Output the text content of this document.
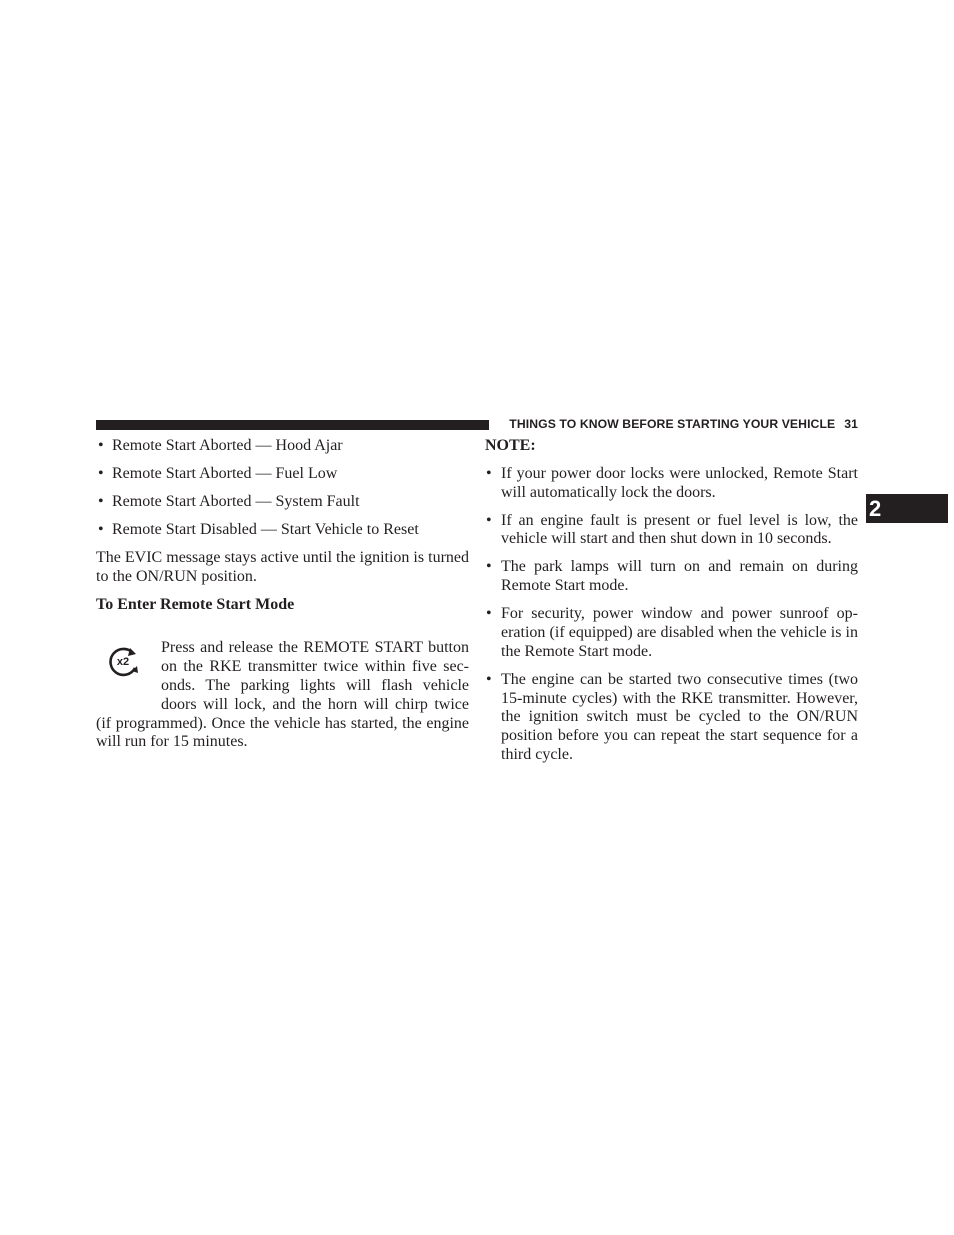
THINGS TO KNOW BEFORE STARTING YOUR VEHICLE 31
2
• Remote Start Aborted — Hood Ajar
• Remote Start Aborted — Fuel Low
• Remote Start Aborted — System Fault
• Remote Start Disabled — Start Vehicle to Reset

The EVIC message stays active until the ignition is turned to the ON/RUN position.

To Enter Remote Start Mode

x2
Press and release the REMOTE START button
on the RKE transmitter twice within five sec-
onds. The parking lights will flash vehicle
doors will lock, and the horn will chirp twice
(if programmed). Once the vehicle has started, the engine
will run for 15 minutes.

NOTE:

• If your power door locks were unlocked, Remote Start will automatically lock the doors.
• If an engine fault is present or fuel level is low, the vehicle will start and then shut down in 10 seconds.
• The park lamps will turn on and remain on during Remote Start mode.
• For security, power window and power sunroof op-eration (if equipped) are disabled when the vehicle is in the Remote Start mode.
• The engine can be started two consecutive times (two 15-minute cycles) with the RKE transmitter. However, the ignition switch must be cycled to the ON/RUN position before you can repeat the start sequence for a third cycle.
